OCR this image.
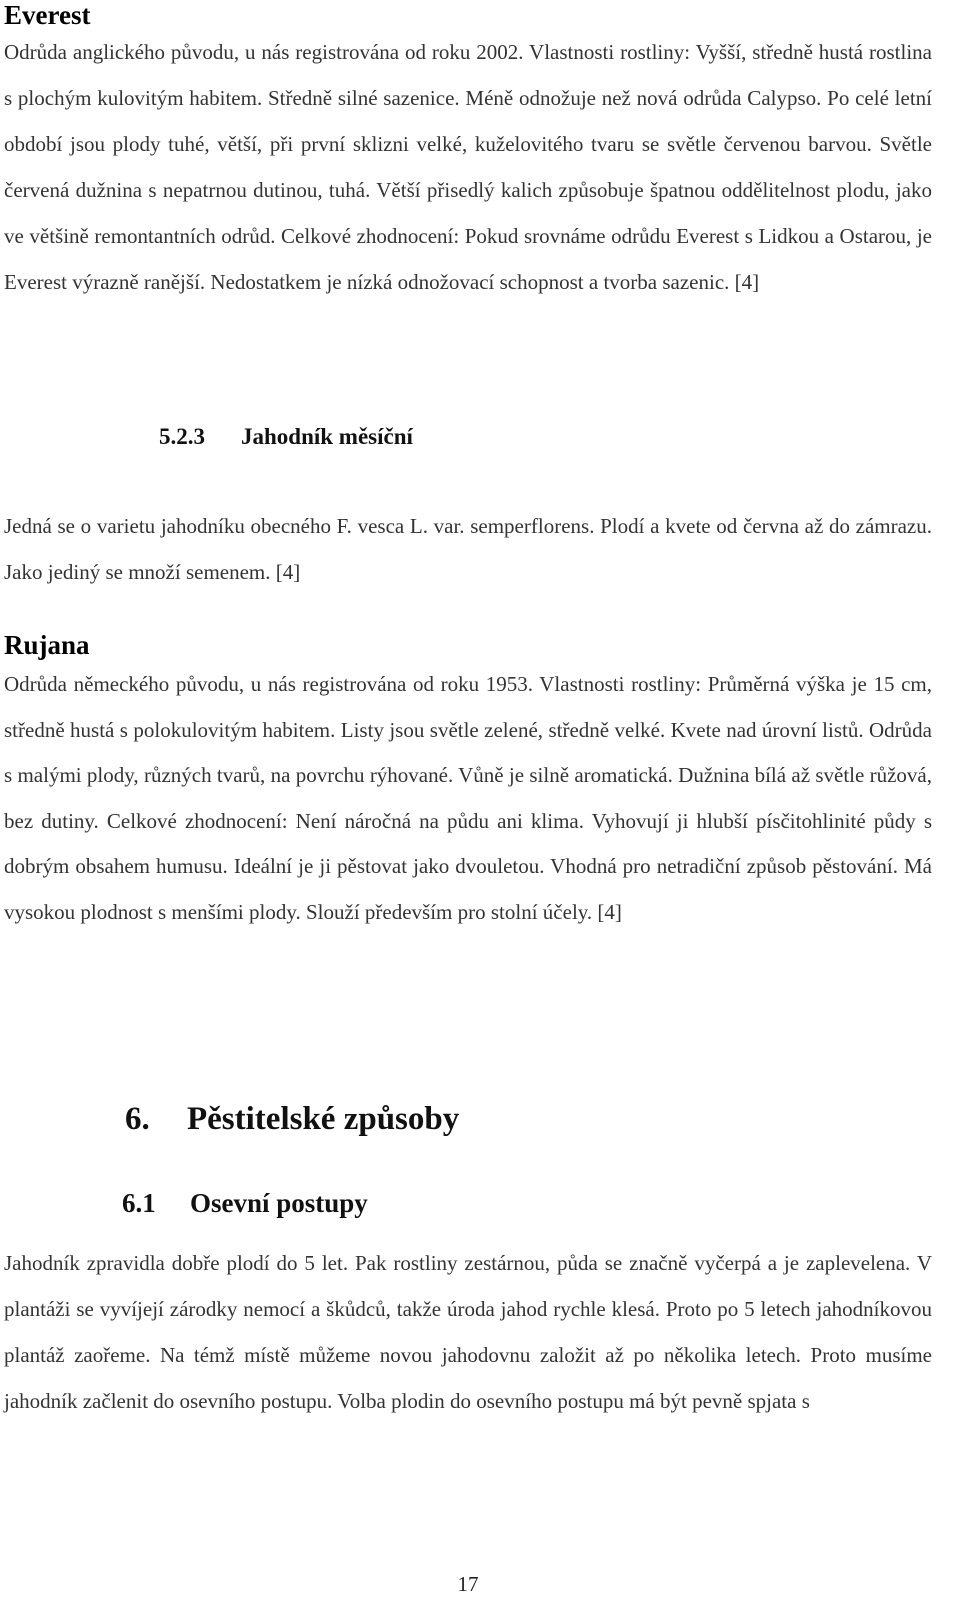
Everest
Odrůda anglického původu, u nás registrována od roku 2002. Vlastnosti rostliny: Vyšší, středně hustá rostlina s plochým kulovitým habitem. Středně silné sazenice. Méně odnožuje než nová odrůda Calypso. Po celé letní období jsou plody tuhé, větší, při první sklizni velké, kuželovitého tvaru se světle červenou barvou. Světle červená dužnina s nepatrnou dutinou, tuhá. Větší přisedlý kalich způsobuje špatnou oddělitelnost plodu, jako ve většině remontantních odrůd. Celkové zhodnocení: Pokud srovnáme odrůdu Everest s Lidkou a Ostarou, je Everest výrazně ranější. Nedostatkem je nízká odnožovací schopnost a tvorba sazenic. [4]
5.2.3 Jahodník měsíční
Jedná se o varietu jahodníku obecného F. vesca L. var. semperflorens. Plodí a kvete od června až do zámrazu. Jako jediný se množí semenem. [4]
Rujana
Odrůda německého původu, u nás registrována od roku 1953. Vlastnosti rostliny: Průměrná výška je 15 cm, středně hustá s polokulovitým habitem. Listy jsou světle zelené, středně velké. Kvete nad úrovní listů. Odrůda s malými plody, různých tvarů, na povrchu rýhované. Vůně je silně aromatická. Dužnina bílá až světle růžová, bez dutiny. Celkové zhodnocení: Není náročná na půdu ani klima. Vyhovují ji hlubší písčitohlinité půdy s dobrým obsahem humusu. Ideální je ji pěstovat jako dvouletou. Vhodná pro netradiční způsob pěstování. Má vysokou plodnost s menšími plody. Slouží především pro stolní účely. [4]
6. Pěstitelské způsoby
6.1 Osevní postupy
Jahodník zpravidla dobře plodí do 5 let. Pak rostliny zestárnou, půda se značně vyčerpá a je zaplevelena. V plantáži se vyvíjejí zárodky nemocí a škůdců, takže úroda jahod rychle klesá. Proto po 5 letech jahodníkovou plantáž zaořeme. Na témž místě můžeme novou jahodovnu založit až po několika letech. Proto musíme jahodník začlenit do osevního postupu. Volba plodin do osevního postupu má být pevně spjata s
17
